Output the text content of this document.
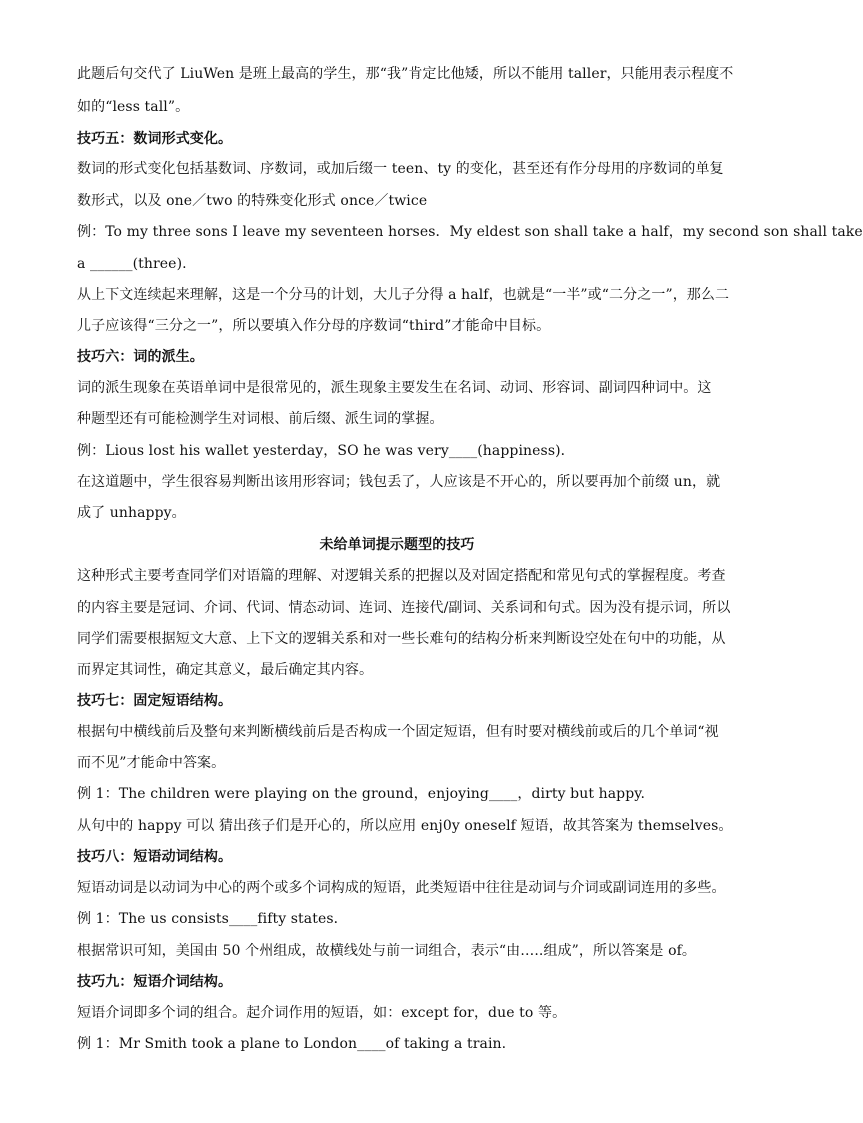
此题后句交代了 LiuWen 是班上最高的学生，那“我”肯定比他矮，所以不能用 taller，只能用表示程度不
如的“less tall”。
技巧五：数词形式变化。
数词的形式变化包括基数词、序数词，或加后缀一 teen、ty 的变化，甚至还有作分母用的序数词的单复
数形式，以及 one／two 的特殊变化形式 once／twice
例：To my three sons I leave my seventeen horses．My eldest son shall take a half，my second son shall take
a ______(three).
从上下文连续起来理解，这是一个分马的计划，大儿子分得 a half，也就是“一半”或“二分之一”，那么二
儿子应该得“三分之一”，所以要填入作分母的序数词“third”才能命中目标。
技巧六：词的派生。
词的派生现象在英语单词中是很常见的，派生现象主要发生在名词、动词、形容词、副词四种词中。这
种题型还有可能检测学生对词根、前后缀、派生词的掌握。
例：Lious lost his wallet yesterday，SO he was very____(happiness)．
在这道题中，学生很容易判断出该用形容词；钱包丢了，人应该是不开心的，所以要再加个前缀 un，就
成了 unhappy。
未给单词提示题型的技巧
这种形式主要考查同学们对语篇的理解、对逻辑关系的把握以及对固定搭配和常见句式的掌握程度。考查
的内容主要是冠词、介词、代词、情态动词、连词、连接代/副词、关系词和句式。因为没有提示词，所以
同学们需要根据短文大意、上下文的逻辑关系和对一些长难句的结构分析来判断设空处在句中的功能，从
而界定其词性，确定其意义，最后确定其内容。
技巧七：固定短语结构。
根据句中横线前后及整句来判断横线前后是否构成一个固定短语，但有时要对横线前或后的几个单词“视
而不见”才能命中答案。
例 1：The children were playing on the ground，enjoying____，dirty but happy.
从句中的 happy 可以 猜出孩子们是开心的，所以应用 enj0y oneself 短语，故其答案为 themselves。
技巧八：短语动词结构。
短语动词是以动词为中心的两个或多个词构成的短语，此类短语中往往是动词与介词或副词连用的多些。
例 1：The us consists____fifty states．
根据常识可知，美国由 50 个州组成，故横线处与前一词组合，表示“由…..组成”，所以答案是 of。
技巧九：短语介词结构。
短语介词即多个词的组合。起介词作用的短语，如：except for，due to 等。
例 1：Mr Smith took a plane to London____of taking a train.
